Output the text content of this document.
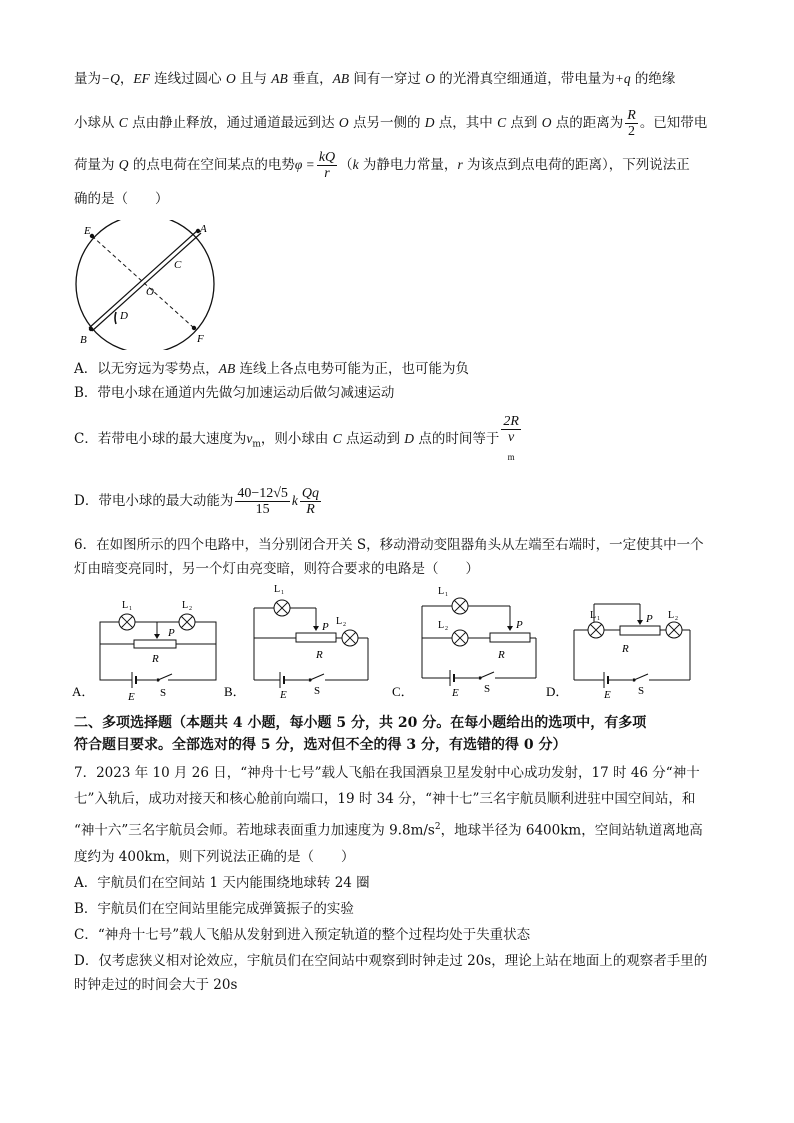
量为−Q，EF 连线过圆心 O 且与 AB 垂直，AB 间有一穿过 O 的光滑真空细通道，带电量为+q 的绝缘
小球从 C 点由静止释放，通过通道最远到达 O 点另一侧的 D 点，其中 C 点到 O 点的距离为 $\frac{R}{2}$ 。已知带电
荷量为 Q 的点电荷在空间某点的电势$\varphi = \frac{kQ}{r} (k$ 为静电力常量，r 为该点到点电荷的距离），下列说法正
确的是（　　）
E	A
C
O
D
B	F
A．以无穷远为零势点，AB 连线上各点电势可能为正，也可能为负
B．带电小球在通道内先做匀加速运动后做匀减速运动
C．若带电小球的最大速度为$v_m$，则小球由 C 点运动到 D 点的时间等于 2R
v
$_m$
D．带电小球的最大动能为 $\frac{40-12√5}{15}$ k $\frac{Qq}{R}$
6．在如图所示的四个电路中，当分别闭合开关 S，移动滑动变阻器角头从左端至右端时，一定使其中一个
灯由暗变亮同时，另一个灯由亮变暗，则符合要求的电路是（　　）
A．
L 1	L 2
P
R
E S	B．
L 1
L 2
P
R
E S	C．
L 1
L 2	P
R
E S	D．
L 1	L 2
P
R
E S
二、多项选择题（本题共 4 小题，每小题 5 分，共 20 分。在每小题给出的选项中，有多项
符合题目要求。全部选对的得 5 分，选对但不全的得 3 分，有选错的得 0 分）
7．2023 年 10 月 26 日，“神舟十七号”载人飞船在我国酒泉卫星发射中心成功发射，17 时 46 分“神十
七”入轨后，成功对接天和核心舱前向端口，19 时 34 分，“神十七”三名宇航员顺利进驻中国空间站，和
“神十六”三名宇航员会师。若地球表面重力加速度为 $9.8m/s^2$，地球半径为 6400km，空间站轨道离地高
度约为 400km，则下列说法正确的是（　　）
A．宇航员们在空间站 1 天内能围绕地球转 24 圈
B．宇航员们在空间站里能完成弹簧振子的实验
C．“神舟十七号”载人飞船从发射到进入预定轨道的整个过程均处于失重状态
D．仅考虑狭义相对论效应，宇航员们在空间站中观察到时钟走过 20s，理论上站在地面上的观察者手里的
时钟走过的时间会大于 20s
